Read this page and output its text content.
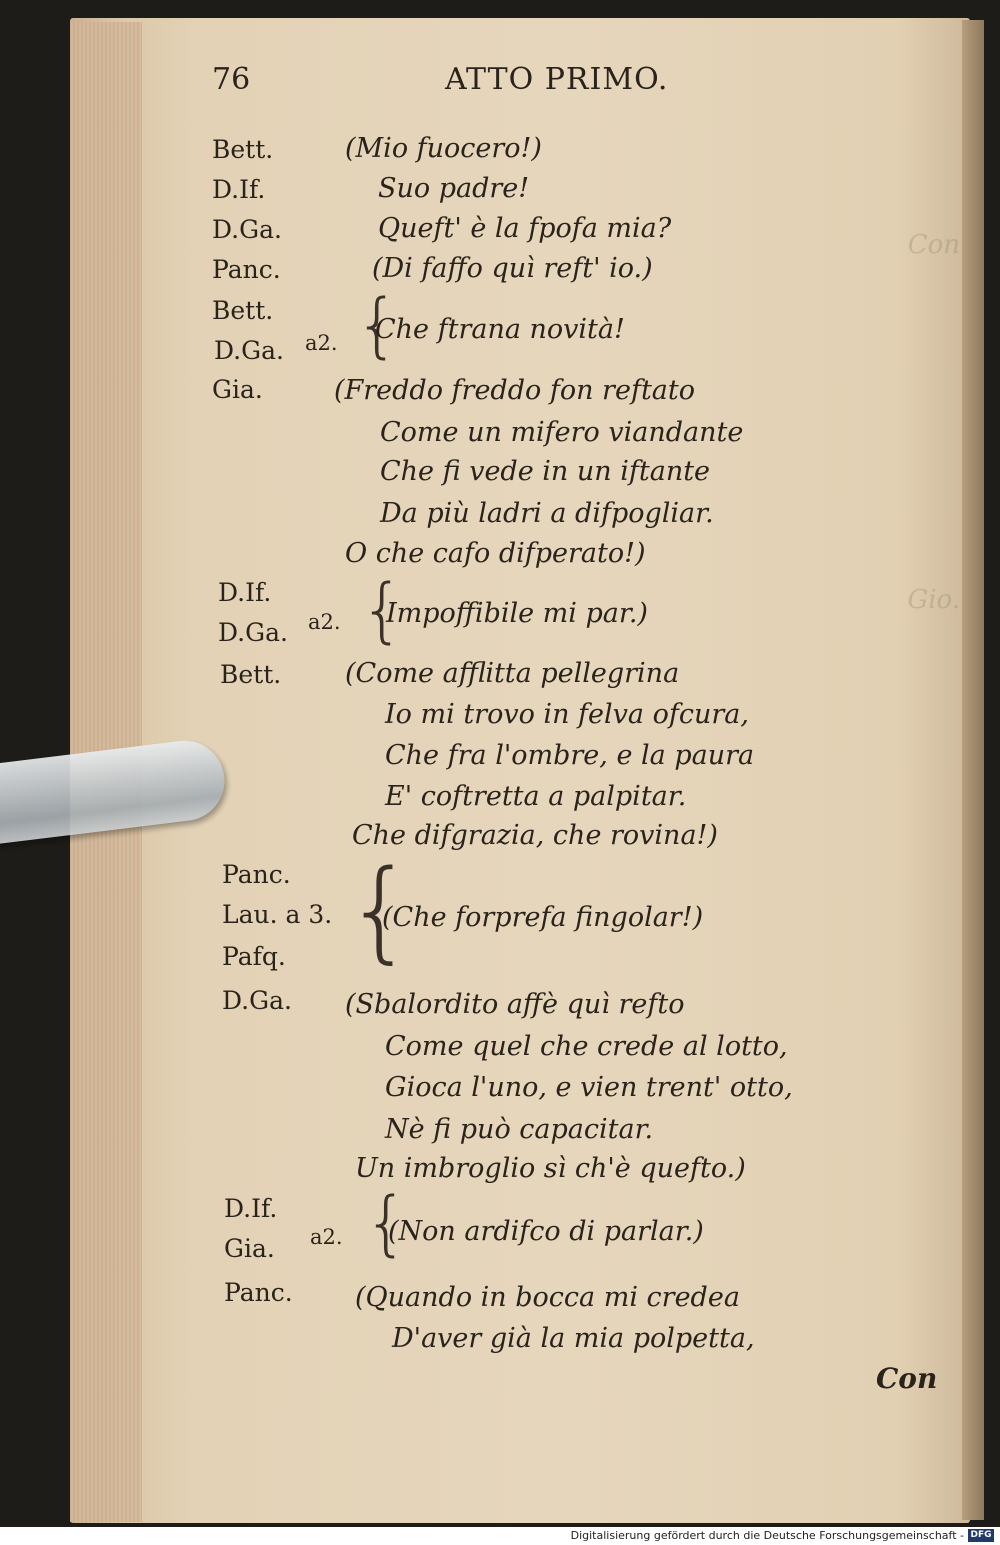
Con
Gio.
76	ATTO PRIMO.
Bett.
D.If.
D.Ga.
Panc.
Bett.
D.Ga.
Gia.
D.If.
D.Ga.
Bett.
Panc.
Lau. a 3.
Pafq.
D.Ga.
D.If.
Gia.
Panc.
a2. {
a2. {
{
a2. {
(Mio fuocero!)
Suo padre!
Queft' è la fpofa mia?
(Di faffo quì reft' io.)
Che ftrana novità!
(Freddo freddo fon reftato
Come un mifero viandante
Che fi vede in un iftante
Da più ladri a difpogliar.
O che cafo difperato!)
Impoffibile mi par.)
(Come afflitta pellegrina
Io mi trovo in felva ofcura,
Che fra l'ombre, e la paura
E' coftretta a palpitar.
Che difgrazia, che rovina!)
(Che forprefa fingolar!)
(Sbalordito affè quì refto
Come quel che crede al lotto,
Gioca l'uno, e vien trent' otto,
Nè fi può capacitar.
Un imbroglio sì ch'è quefto.)
(Non ardifco di parlar.)
(Quando in bocca mi credea
D'aver già la mia polpetta,
Con
Digitalisierung gefördert durch die Deutsche Forschungsgemeinschaft - DFG
